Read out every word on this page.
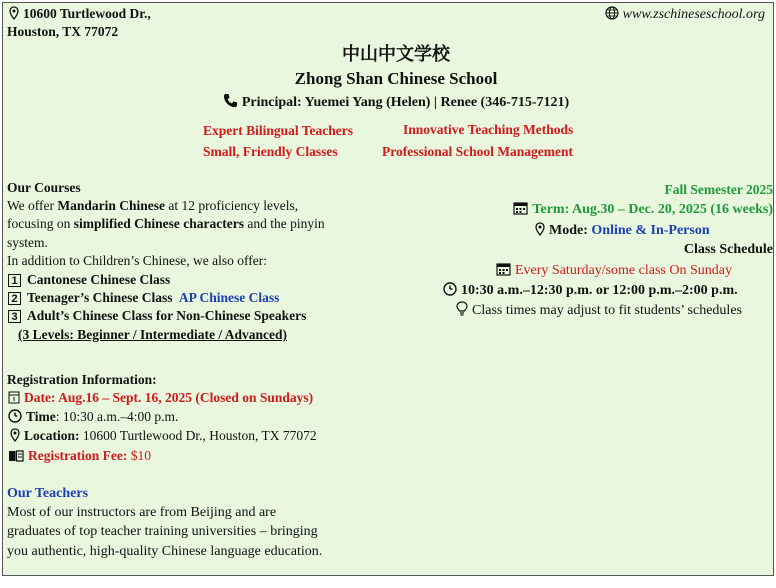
10600 Turtlewood Dr.,
Houston, TX 77072
www.zschineseschool.org
中山中文学校
Zhong Shan Chinese School
Principal: Yuemei Yang (Helen) | Renee (346-715-7121)
Expert Bilingual Teachers
Small, Friendly Classes
Innovative Teaching Methods
Professional School Management
Our Courses
We offer Mandarin Chinese at 12 proficiency levels,
focusing on simplified Chinese characters and the pinyin
system.
In addition to Children’s Chinese, we also offer:
1 Cantonese Chinese Class
2 Teenager’s Chinese Class AP Chinese Class
3 Adult’s Chinese Class for Non-Chinese Speakers
(3 Levels: Beginner / Intermediate / Advanced)
Fall Semester 2025
Term: Aug.30 – Dec. 20, 2025 (16 weeks)
Mode: Online & In-Person
Class Schedule
Every Saturday/some class On Sunday
10:30 a.m.–12:30 p.m. or 12:00 p.m.–2:00 p.m.
Class times may adjust to fit students’ schedules
Registration Information:
Date: Aug.16 – Sept. 16, 2025 (Closed on Sundays)
Time: 10:30 a.m.–4:00 p.m.
Location: 10600 Turtlewood Dr., Houston, TX 77072
Registration Fee: $10
Our Teachers
Most of our instructors are from Beijing and are
graduates of top teacher training universities – bringing
you authentic, high-quality Chinese language education.
